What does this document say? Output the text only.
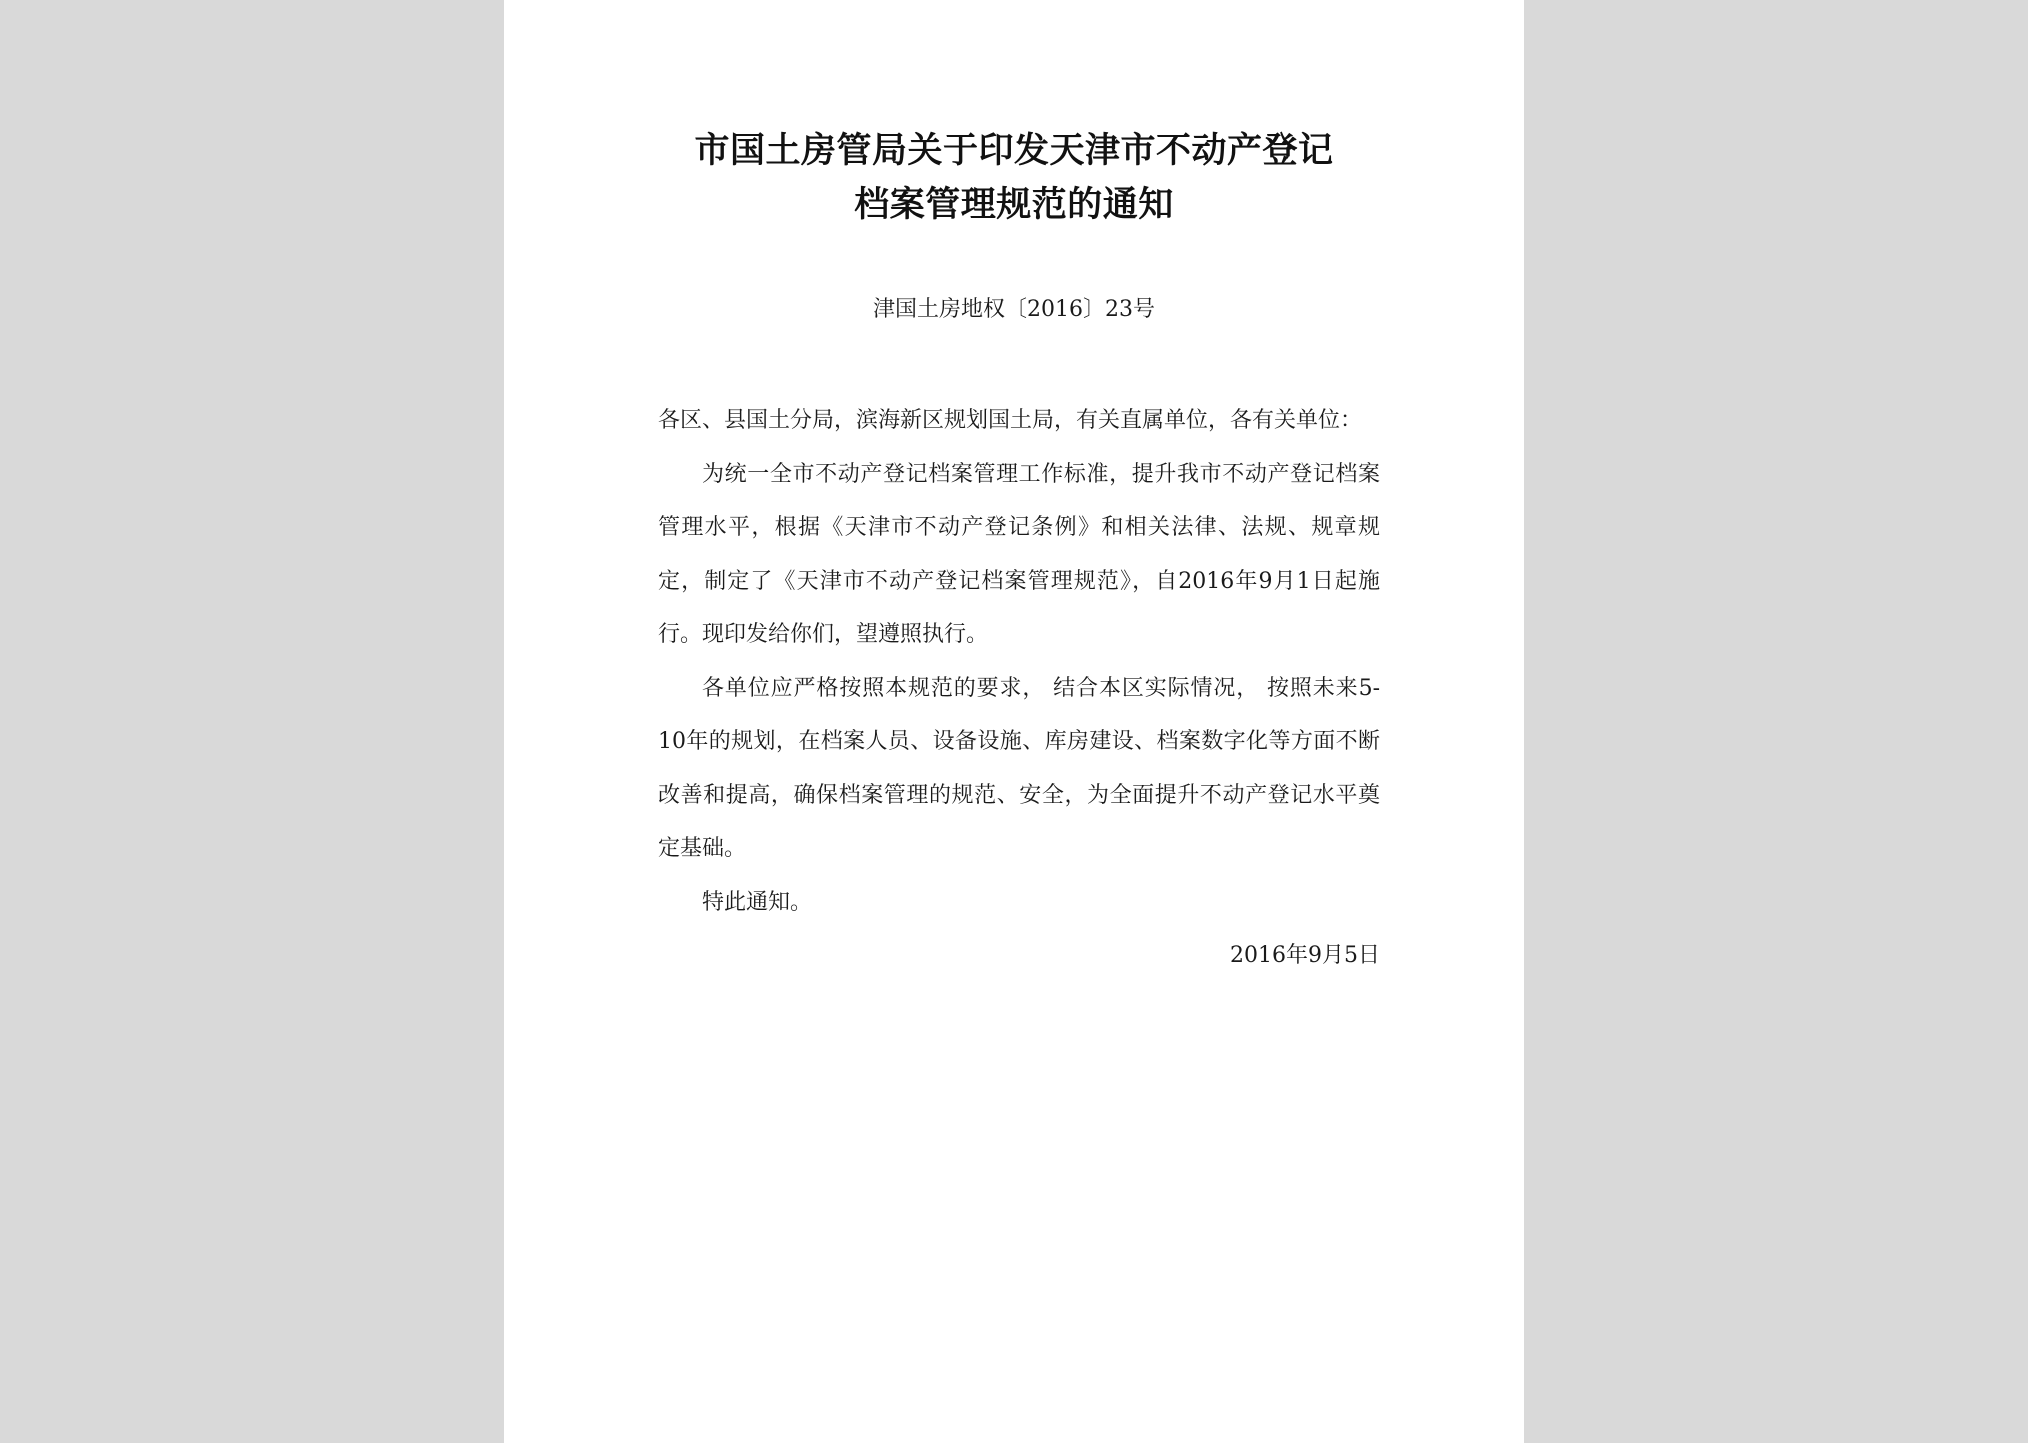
市国土房管局关于印发天津市不动产登记
档案管理规范的通知
津国土房地权〔2016〕23号

各区、县国土分局，滨海新区规划国土局，有关直属单位，各有关单位：

为统一全市不动产登记档案管理工作标准，提升我市不动产登记档案管理水平，根据《天津市不动产登记条例》和相关法律、法规、规章规定，制定了《天津市不动产登记档案管理规范》，自2016年9月1日起施行。现印发给你们，望遵照执行。

各单位应严格按照本规范的要求， 结合本区实际情况， 按照未来5-10年的规划，在档案人员、设备设施、库房建设、档案数字化等方面不断改善和提高，确保档案管理的规范、安全，为全面提升不动产登记水平奠定基础。

特此通知。

2016年9月5日
